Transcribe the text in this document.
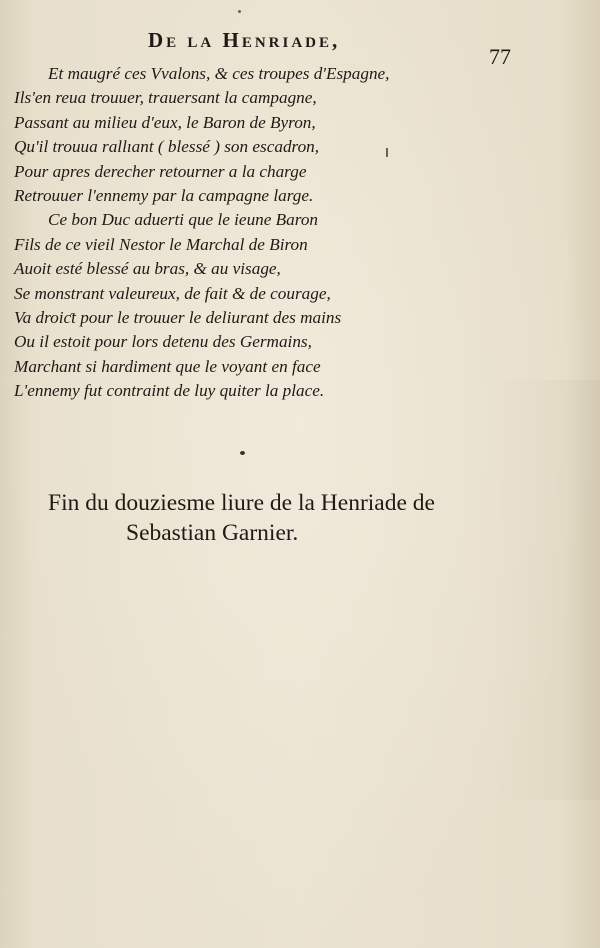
De la Henriade,
77
Et maugré ces Vvalons, & ces troupes d'Espagne,
Ils'en reua trouuer, trauersant la campagne,
Passant au milieu d'eux, le Baron de Byron,
Qu'il trouua rallıant ( blessé ) son escadron,
Pour apres derecher retourner a la charge
Retrouuer l'ennemy par la campagne large.
Ce bon Duc aduerti que le ieune Baron
Fils de ce vieil Nestor le Marchal de Biron
Auoit esté blessé au bras, & au visage,
Se monstrant valeureux, de fait & de courage,
Va droiƈt pour le trouuer le deliurant des mains
Ou il estoit pour lors detenu des Germains,
Marchant si hardiment que le voyant en face
L'ennemy fut contraint de luy quiter la place.
Fin du douziesme liure de la Henriade de
Sebastian Garnier.
